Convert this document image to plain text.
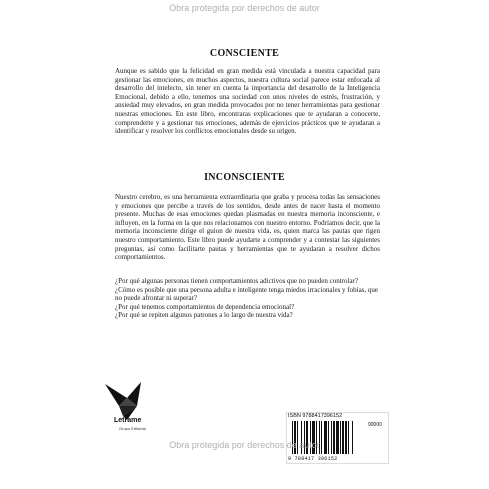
Obra protegida por derechos de autor
CONSCIENTE
Aunque es sabido que la felicidad en gran medida está vinculada a nuestra capacidad para gestionar las emociones, en muchos aspectos, nuestra cultura social parece estar enfocada al desarrollo del intelecto, sin tener en cuenta la importancia del desarrollo de la Inteligencia Emocional, debido a ello, tenemos una sociedad con unos niveles de estrés, frustración, y ansiedad muy elevados, en gran medida provocados por no tener herramientas para gestionar nuestras emociones. En este libro, encontraras explicaciones que te ayudaran a conocerte, comprenderte y a gestionar tus emociones, además de ejercicios prácticos que te ayudaran a identificar y resolver los conflictos emocionales desde su origen.
INCONSCIENTE
Nuestro cerebro, es una herramienta extraordinaria que graba y procesa todas las sensaciones y emociones que percibe a través de los sentidos, desde antes de nacer hasta el momento presente. Muchas de esas emociones quedan plasmadas en nuestra memoria inconsciente, e influyen, en la forma en la que nos relacionamos con nuestro entorno. Podríamos decir, que la memoria inconsciente dirige el guion de nuestra vida, es, quien marca las pautas que rigen nuestro comportamiento. Este libro puede ayudarte a comprender y a contestar las siguientes preguntas, así como facilitarte pautas y herramientas que te ayudaran a resolver dichos comportamientos.
¿Por qué algunas personas tienen comportamientos adictivos que no pueden controlar?
¿Cómo es posible que una persona adulta e inteligente tenga miedos irracionales y fobias, que no puede afrontar ni superar?
¿Por qué tenemos comportamientos de dependencia emocional?
¿Por qué se repiten algunos patrones a lo largo de nuestra vida?
Letrame
Grupo Editorial
ISBN 9788417396152
90000
9 788417 396152
Obra protegida por derechos de autor
